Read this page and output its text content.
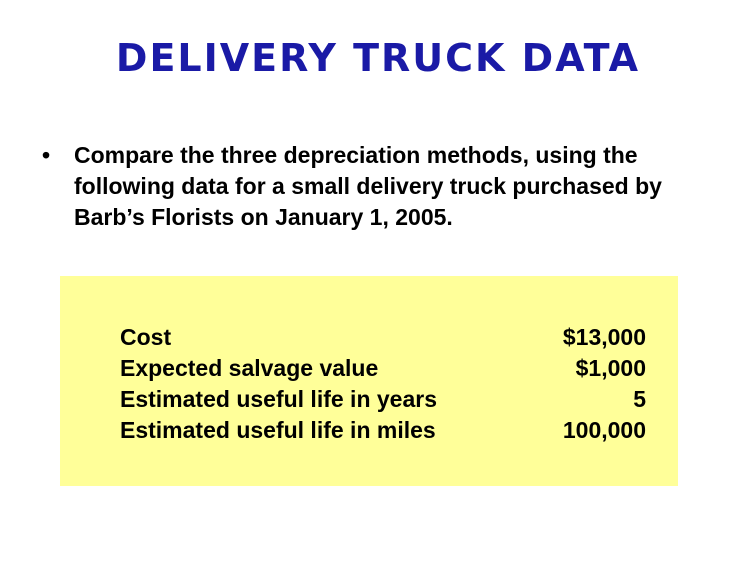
DELIVERY TRUCK DATA
•	Compare the three depreciation methods, using the following data for a small delivery truck purchased by Barb’s Florists on January 1, 2005.
Cost	$13,000
Expected salvage value	$1,000
Estimated useful life in years	5
Estimated useful life in miles	100,000
